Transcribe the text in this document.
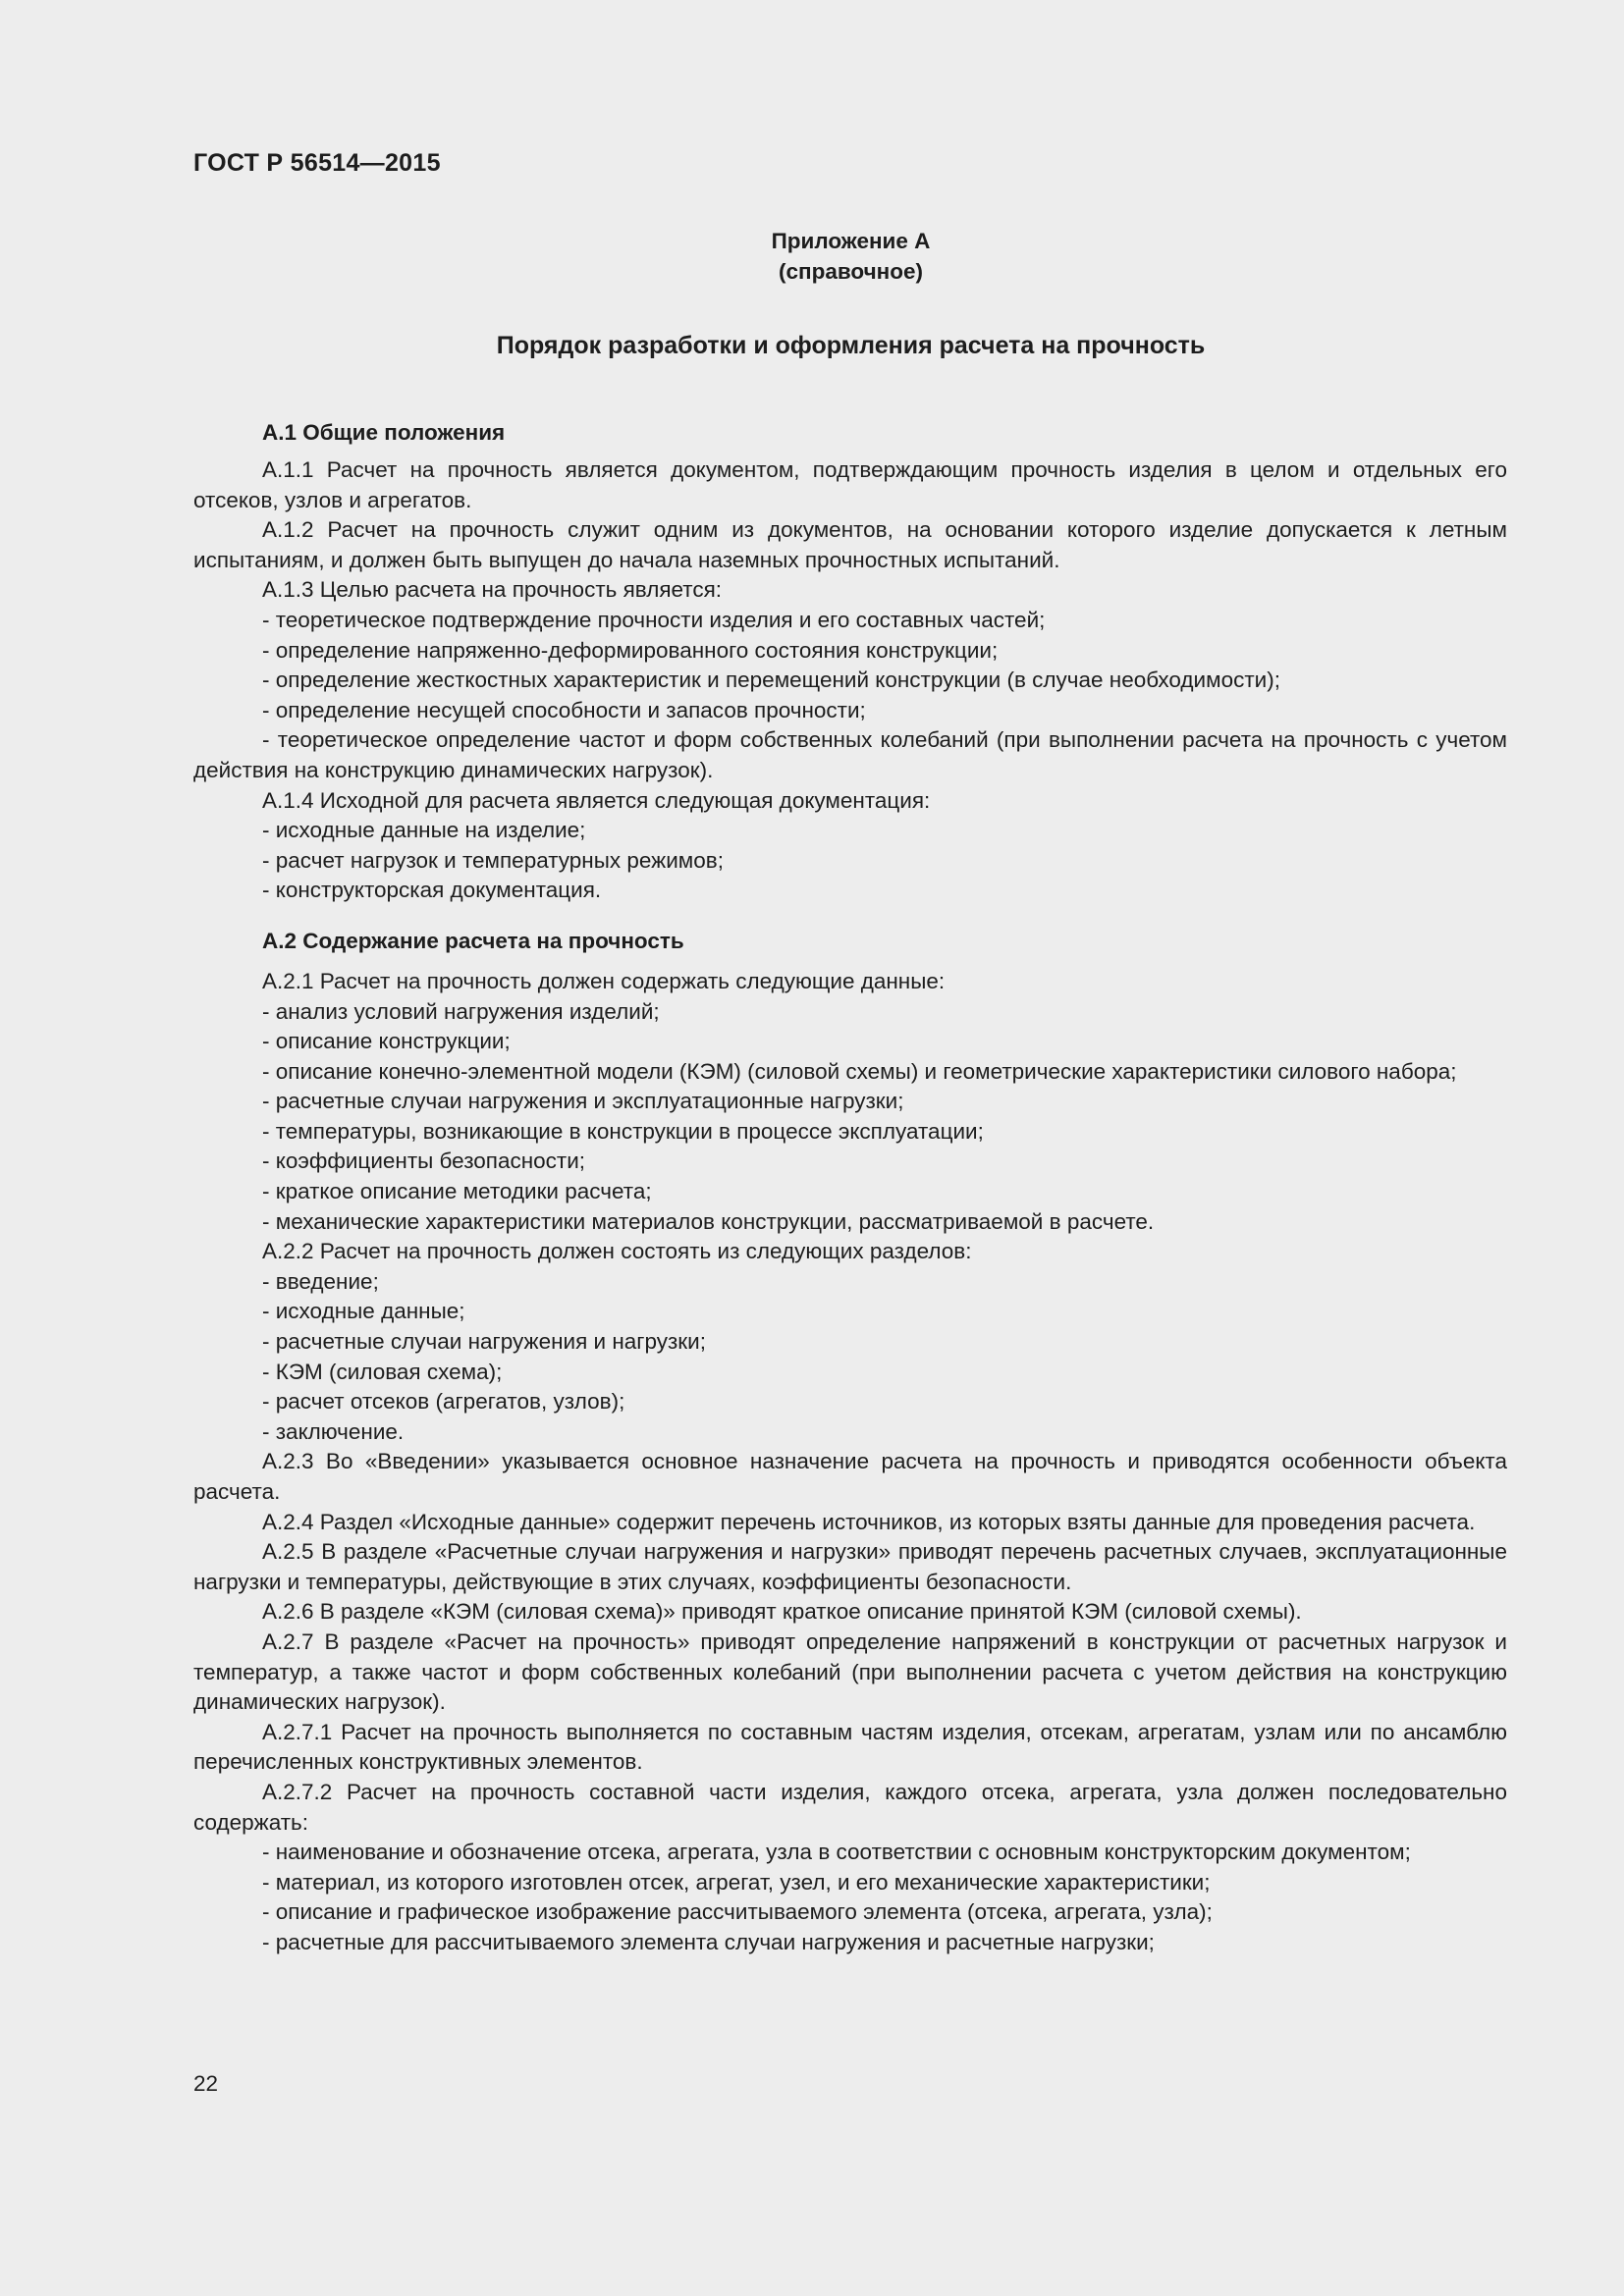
ГОСТ Р 56514—2015
Приложение А
(справочное)
Порядок разработки и оформления расчета на прочность
А.1 Общие положения

А.1.1 Расчет на прочность является документом, подтверждающим прочность изделия в целом и отдельных его отсеков, узлов и агрегатов.

А.1.2 Расчет на прочность служит одним из документов, на основании которого изделие допускается к летным испытаниям, и должен быть выпущен до начала наземных прочностных испытаний.

А.1.3 Целью расчета на прочность является:

- теоретическое подтверждение прочности изделия и его составных частей;

- определение напряженно-деформированного состояния конструкции;

- определение жесткостных характеристик и перемещений конструкции (в случае необходимости);

- определение несущей способности и запасов прочности;

- теоретическое определение частот и форм собственных колебаний (при выполнении расчета на прочность с учетом действия на конструкцию динамических нагрузок).

А.1.4 Исходной для расчета является следующая документация:

- исходные данные на изделие;

- расчет нагрузок и температурных режимов;

- конструкторская документация.

А.2 Содержание расчета на прочность

А.2.1 Расчет на прочность должен содержать следующие данные:

- анализ условий нагружения изделий;

- описание конструкции;

- описание конечно-элементной модели (КЭМ) (силовой схемы) и геометрические характеристики силового набора;

- расчетные случаи нагружения и эксплуатационные нагрузки;

- температуры, возникающие в конструкции в процессе эксплуатации;

- коэффициенты безопасности;

- краткое описание методики расчета;

- механические характеристики материалов конструкции, рассматриваемой в расчете.

А.2.2 Расчет на прочность должен состоять из следующих разделов:

- введение;

- исходные данные;

- расчетные случаи нагружения и нагрузки;

- КЭМ (силовая схема);

- расчет отсеков (агрегатов, узлов);

- заключение.

А.2.3 Во «Введении» указывается основное назначение расчета на прочность и приводятся особенности объекта расчета.

А.2.4 Раздел «Исходные данные» содержит перечень источников, из которых взяты данные для проведения расчета.

А.2.5 В разделе «Расчетные случаи нагружения и нагрузки» приводят перечень расчетных случаев, эксплуатационные нагрузки и температуры, действующие в этих случаях, коэффициенты безопасности.

А.2.6 В разделе «КЭМ (силовая схема)» приводят краткое описание принятой КЭМ (силовой схемы).

А.2.7 В разделе «Расчет на прочность» приводят определение напряжений в конструкции от расчетных нагрузок и температур, а также частот и форм собственных колебаний (при выполнении расчета с учетом действия на конструкцию динамических нагрузок).

А.2.7.1 Расчет на прочность выполняется по составным частям изделия, отсекам, агрегатам, узлам или по ансамблю перечисленных конструктивных элементов.

А.2.7.2 Расчет на прочность составной части изделия, каждого отсека, агрегата, узла должен последовательно содержать:

- наименование и обозначение отсека, агрегата, узла в соответствии с основным конструкторским документом;

- материал, из которого изготовлен отсек, агрегат, узел, и его механические характеристики;

- описание и графическое изображение рассчитываемого элемента (отсека, агрегата, узла);

- расчетные для рассчитываемого элемента случаи нагружения и расчетные нагрузки;

22
